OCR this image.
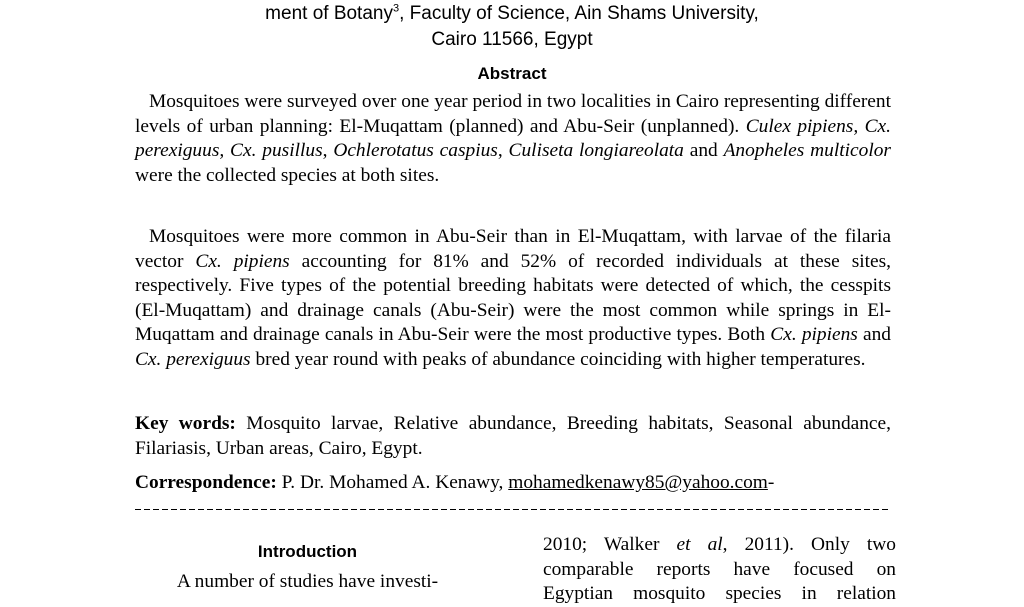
ment of Botany$^3$, Faculty of Science, Ain Shams University,
Cairo 11566, Egypt
Abstract
Mosquitoes were surveyed over one year period in two localities in Cairo representing different levels of urban planning: El-Muqattam (planned) and Abu-Seir (unplanned). Culex pipiens, Cx. perexiguus, Cx. pusillus, Ochlerotatus caspius, Culiseta longiareolata and Anopheles multicolor were the collected species at both sites.
Mosquitoes were more common in Abu-Seir than in El-Muqattam, with larvae of the filaria vector Cx. pipiens accounting for 81% and 52% of recorded individuals at these sites, respectively. Five types of the potential breeding habitats were detected of which, the cesspits (El-Muqattam) and drainage canals (Abu-Seir) were the most common while springs in El-Muqattam and drainage canals in Abu-Seir were the most productive types. Both Cx. pipiens and Cx. perexiguus bred year round with peaks of abundance coinciding with higher temperatures.
Key words: Mosquito larvae, Relative abundance, Breeding habitats, Seasonal abundance, Filariasis, Urban areas, Cairo, Egypt.
Correspondence: P. Dr. Mohamed A. Kenawy, mohamedkenawy85@yahoo.com-
Introduction
A number of studies have investi-
2010; Walker et al, 2011). Only two
comparable reports have focused on
Egyptian mosquito species in relation
